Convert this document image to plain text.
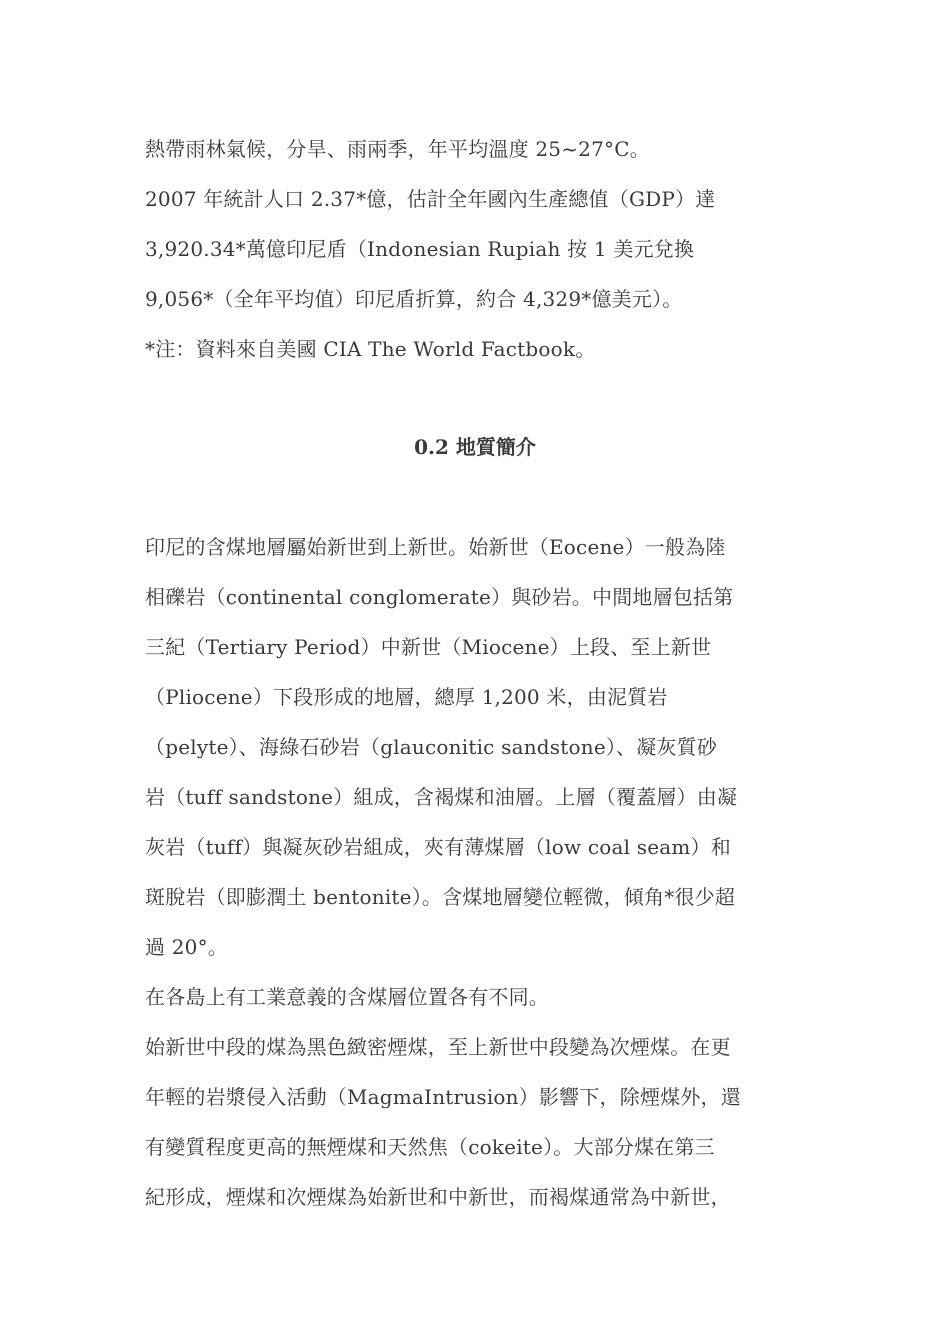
熱帶雨林氣候，分旱、雨兩季，年平均溫度 25~27°C。
2007 年統計人口 2.37*億，估計全年國內生產總值（GDP）達
3,920.34*萬億印尼盾（Indonesian Rupiah 按 1 美元兌換
9,056*（全年平均值）印尼盾折算，約合 4,329*億美元）。
*注：資料來自美國 CIA The World Factbook。
0.2 地質簡介
印尼的含煤地層屬始新世到上新世。始新世（Eocene）一般為陸
相礫岩（continental conglomerate）與砂岩。中間地層包括第
三紀（Tertiary Period）中新世（Miocene）上段、至上新世
（Pliocene）下段形成的地層，總厚 1,200 米，由泥質岩
（pelyte）、海綠石砂岩（glauconitic sandstone）、凝灰質砂
岩（tuff sandstone）組成，含褐煤和油層。上層（覆蓋層）由凝
灰岩（tuff）與凝灰砂岩組成，夾有薄煤層（low coal seam）和
斑脫岩（即膨潤土 bentonite）。含煤地層變位輕微，傾角*很少超
過 20°。
在各島上有工業意義的含煤層位置各有不同。
始新世中段的煤為黑色緻密煙煤，至上新世中段變為次煙煤。在更
年輕的岩漿侵入活動（MagmaIntrusion）影響下，除煙煤外，還
有變質程度更高的無煙煤和天然焦（cokeite）。大部分煤在第三
紀形成，煙煤和次煙煤為始新世和中新世，而褐煤通常為中新世，
